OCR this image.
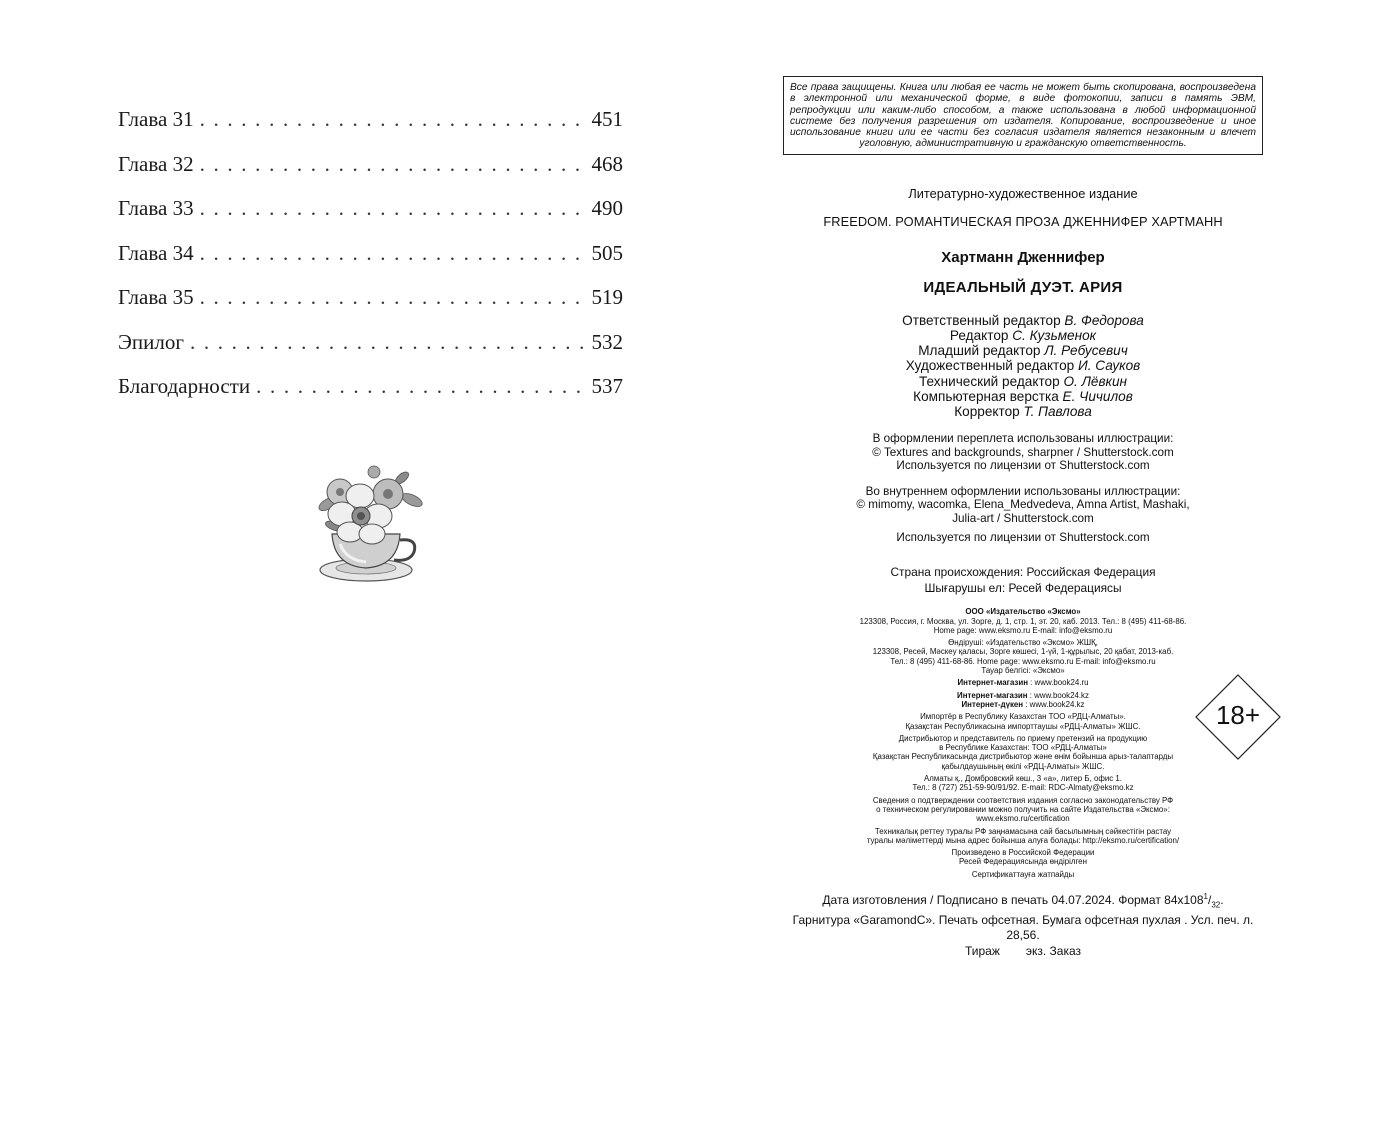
Глава 31 . . .	451
Глава 32 . . .	468
Глава 33 . . .	490
Глава 34 . . .	505
Глава 35 . . .	519
Эпилог . . .	532
Благодарности . . .	537
Все права защищены. Книга или любая ее часть не может быть скопирована, воспроизведена в электронной или механической форме, в виде фотокопии, записи в память ЭВМ, репродукции или каким-либо способом, а также использована в любой информационной системе без получения разрешения от издателя. Копирование, воспроизведение и иное использование книги или ее части без согласия издателя является незаконным и влечет уголовную, административную и гражданскую ответственность.
Литературно-художественное издание
FREEDOM. РОМАНТИЧЕСКАЯ ПРОЗА ДЖЕННИФЕР ХАРТМАНН
Хартманн Дженнифер
ИДЕАЛЬНЫЙ ДУЭТ. АРИЯ
Ответственный редактор В. Федорова
Редактор С. Кузьменок
Младший редактор Л. Ребусевич
Художественный редактор И. Сауков
Технический редактор О. Лёвкин
Компьютерная верстка Е. Чичилов
Корректор Т. Павлова
В оформлении переплета использованы иллюстрации:
© Textures and backgrounds, sharpner / Shutterstock.com
Используется по лицензии от Shutterstock.com
Во внутреннем оформлении использованы иллюстрации:
© mimomy, wacomka, Elena_Medvedeva, Amna Artist, Mashaki,
Julia-art / Shutterstock.com
Используется по лицензии от Shutterstock.com
Страна происхождения: Российская Федерация
Шығарушы ел: Ресей Федерациясы
ООО «Издательство «Эксмо»
123308, Россия, г. Москва, ул. Зорге, д. 1, стр. 1, эт. 20, каб. 2013. Тел.: 8 (495) 411-68-86.
Home page: www.eksmo.ru E-mail: info@eksmo.ru
Өндіруші: «Издательство «Эксмо» ЖШҚ,
123308, Ресей, Мәскеу қаласы, Зорге көшесі, 1-үй, 1-құрылыс, 20 қабат, 2013-каб.
Тел.: 8 (495) 411-68-86. Home page: www.eksmo.ru E-mail: info@eksmo.ru
Тауар белгісі: «Эксмо»
Интернет-магазин : www.book24.ru
Интернет-магазин : www.book24.kz
Интернет-дүкен : www.book24.kz
Импортёр в Республику Казахстан ТОО «РДЦ-Алматы».
Қазақстан Республикасына импорттаушы «РДЦ-Алматы» ЖШС.
Дистрибьютор и представитель по приему претензий на продукцию
в Республике Казахстан: ТОО «РДЦ-Алматы»
Қазақстан Республикасында дистрибьютор және өнім бойынша арыз-талаптарды
қабылдаушының өкілі «РДЦ-Алматы» ЖШС.
Алматы қ., Домбровский көш., 3 «а», литер Б, офис 1.
Тел.: 8 (727) 251-59-90/91/92. E-mail: RDC-Almaty@eksmo.kz
Сведения о подтверждении соответствия издания согласно законодательству РФ
о техническом регулировании можно получить на сайте Издательства «Эксмо»:
www.eksmo.ru/certification
Техникалық реттеу туралы РФ заңнамасына сай басылымның сәйкестігін растау
туралы мәліметтерді мына адрес бойынша алуға болады: http://eksmo.ru/certification/
Произведено в Российской Федерации
Ресей Федерациясында өндірілген
Сертификаттауға жатпайды
Дата изготовления / Подписано в печать 04.07.2024. Формат $84x108^1/_{32}$.
Гарнитура «GaramondC». Печать офсетная. Бумага офсетная пухлая . Усл. печ. л. 28,56.
Тираж экз. Заказ
18+
